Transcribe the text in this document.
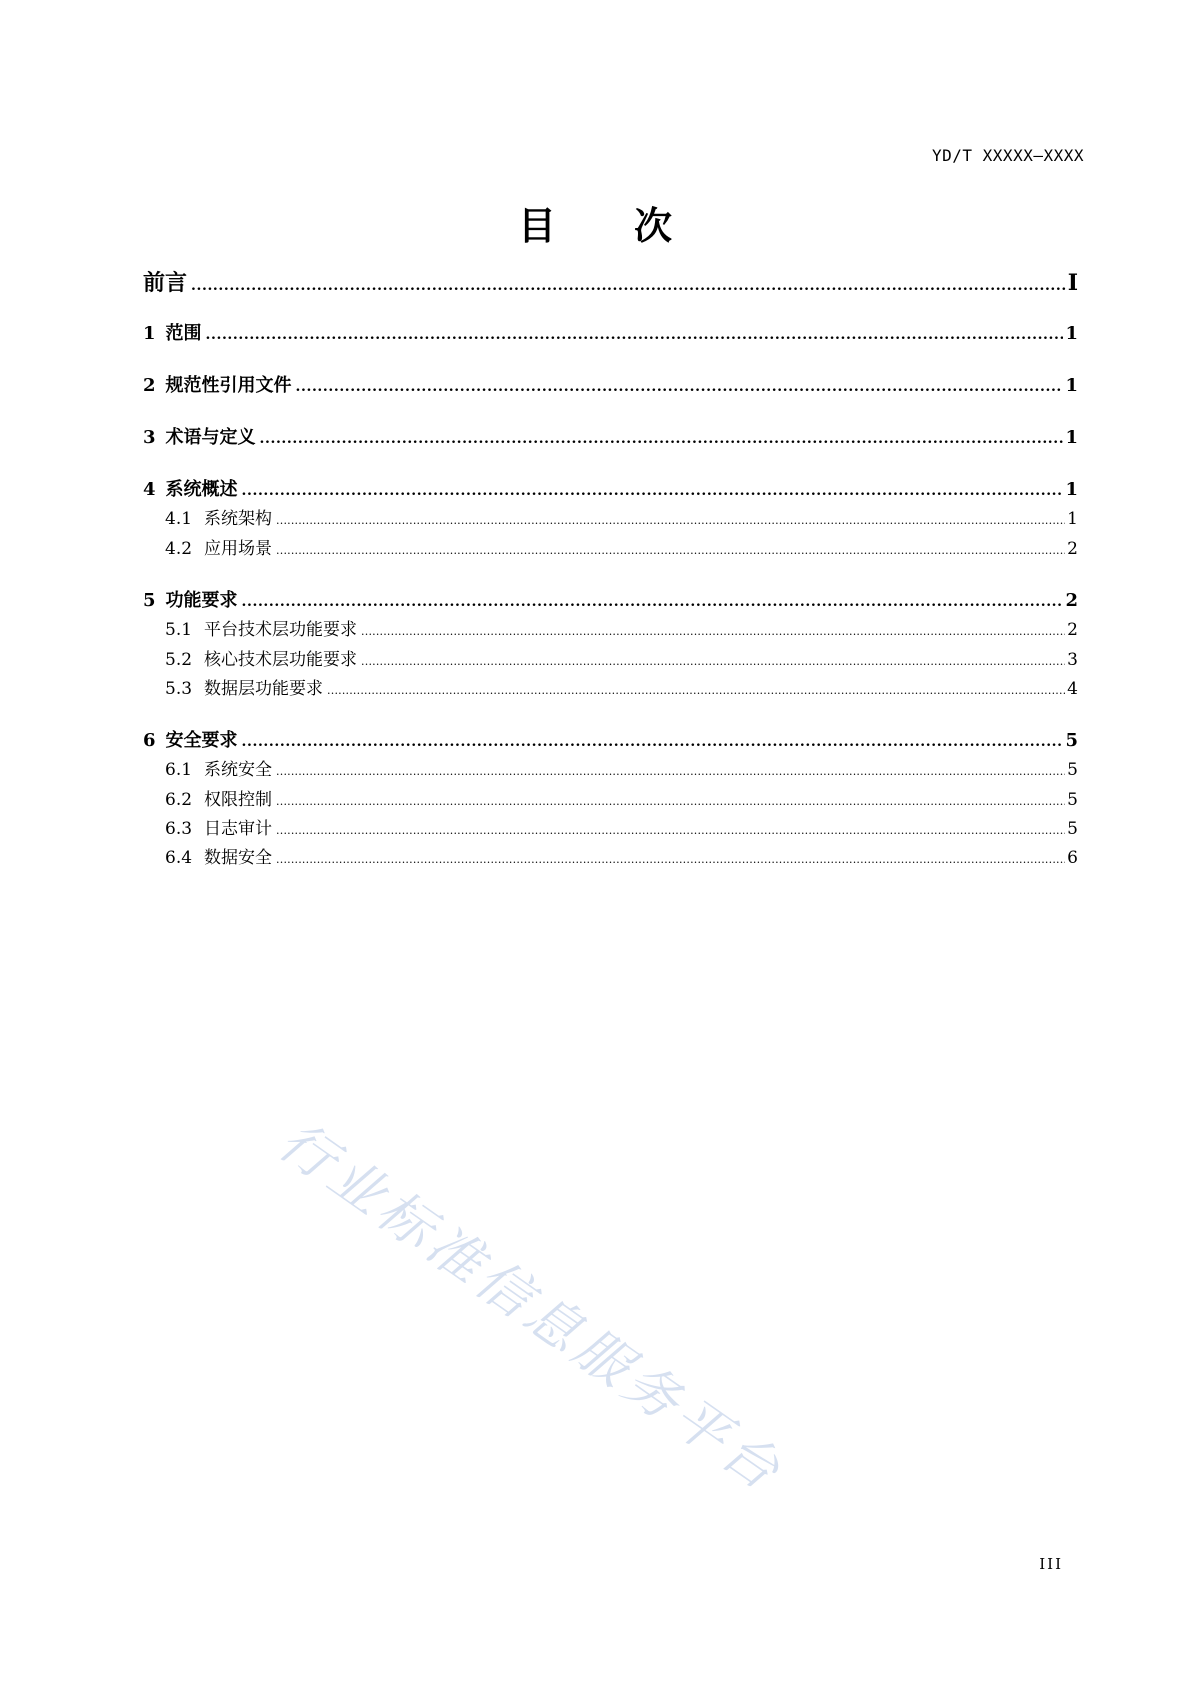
YD/T XXXXX—XXXX
目 次
前言 .....	I
1 范围 .....	1
2 规范性引用文件 .....	1
3 术语与定义 .....	1
4 系统概述 .....	1
4.1 系统架构 .....	1
4.2 应用场景 .....	2
5 功能要求 .....	2
5.1 平台技术层功能要求 .....	2
5.2 核心技术层功能要求 .....	3
5.3 数据层功能要求 .....	4
6 安全要求 .....	5
6.1 系统安全 .....	5
6.2 权限控制 .....	5
6.3 日志审计 .....	5
6.4 数据安全 .....	6
行业标准信息服务平台
III
